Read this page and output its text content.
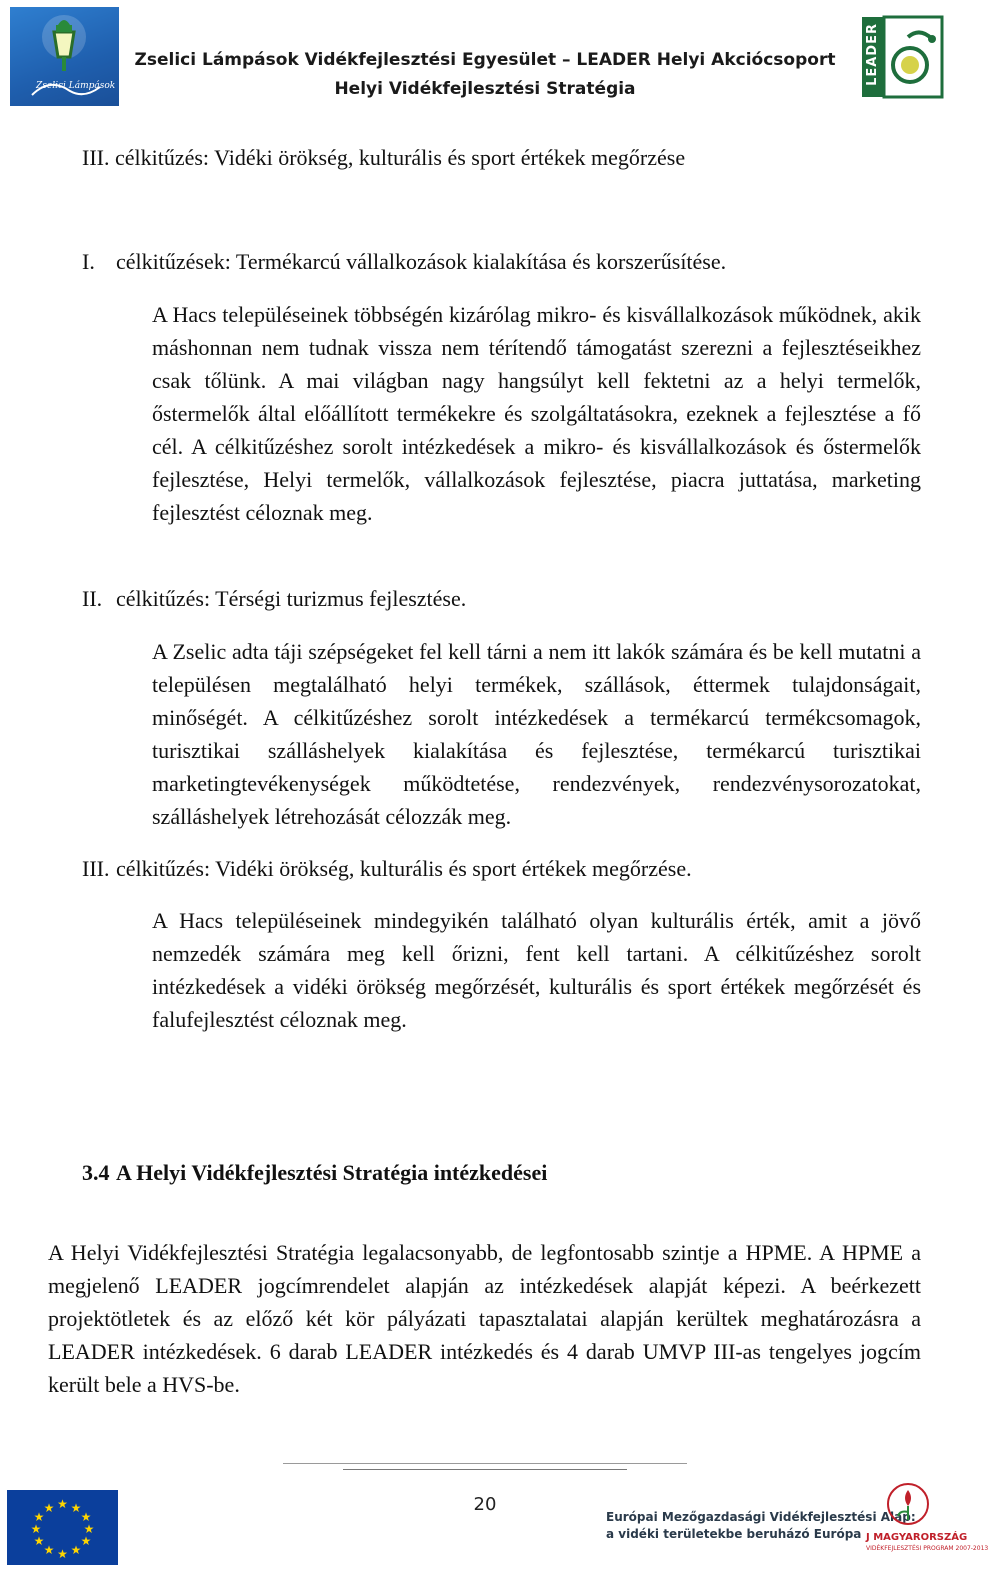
Zselici Lámpások
Zselici Lámpások Vidékfejlesztési Egyesület – LEADER Helyi Akciócsoport
Helyi Vidékfejlesztési Stratégia
LEADER
III. célkitűzés: Vidéki örökség, kulturális és sport értékek megőrzése
I. célkitűzések: Termékarcú vállalkozások kialakítása és korszerűsítése.
A Hacs településeinek többségén kizárólag mikro- és kisvállalkozások működnek, akik máshonnan nem tudnak vissza nem térítendő támogatást szerezni a fejlesztéseikhez csak tőlünk. A mai világban nagy hangsúlyt kell fektetni az a helyi termelők, őstermelők által előállított termékekre és szolgáltatásokra, ezeknek a fejlesztése a fő cél. A célkitűzéshez sorolt intézkedések a mikro- és kisvállalkozások és őstermelők fejlesztése, Helyi termelők, vállalkozások fejlesztése, piacra juttatása, marketing fejlesztést céloznak meg.
II. célkitűzés: Térségi turizmus fejlesztése.
A Zselic adta táji szépségeket fel kell tárni a nem itt lakók számára és be kell mutatni a településen megtalálható helyi termékek, szállások, éttermek tulajdonságait, minőségét. A célkitűzéshez sorolt intézkedések a termékarcú termékcsomagok, turisztikai szálláshelyek kialakítása és fejlesztése, termékarcú turisztikai marketingtevékenységek működtetése, rendezvények, rendezvénysorozatokat, szálláshelyek létrehozását célozzák meg.
III. célkitűzés: Vidéki örökség, kulturális és sport értékek megőrzése.
A Hacs településeinek mindegyikén található olyan kulturális érték, amit a jövő nemzedék számára meg kell őrizni, fent kell tartani. A célkitűzéshez sorolt intézkedések a vidéki örökség megőrzését, kulturális és sport értékek megőrzését és falufejlesztést céloznak meg.
3.4 A Helyi Vidékfejlesztési Stratégia intézkedései
A Helyi Vidékfejlesztési Stratégia legalacsonyabb, de legfontosabb szintje a HPME. A HPME a megjelenő LEADER jogcímrendelet alapján az intézkedések alapját képezi. A beérkezett projektötletek és az előző két kör pályázati tapasztalatai alapján kerültek meghatározásra a LEADER intézkedések. 6 darab LEADER intézkedés és 4 darab UMVP III-as tengelyes jogcím került bele a HVS-be.
★ ★
★
★
★
★
★
★
★
★
★
★	20
Európai Mezőgazdasági Vidékfejlesztési Alap:
a vidéki területekbe beruházó Európa J MAGYARORSZÁG
VIDÉKFEJLESZTÉSI PROGRAM 2007-2013
